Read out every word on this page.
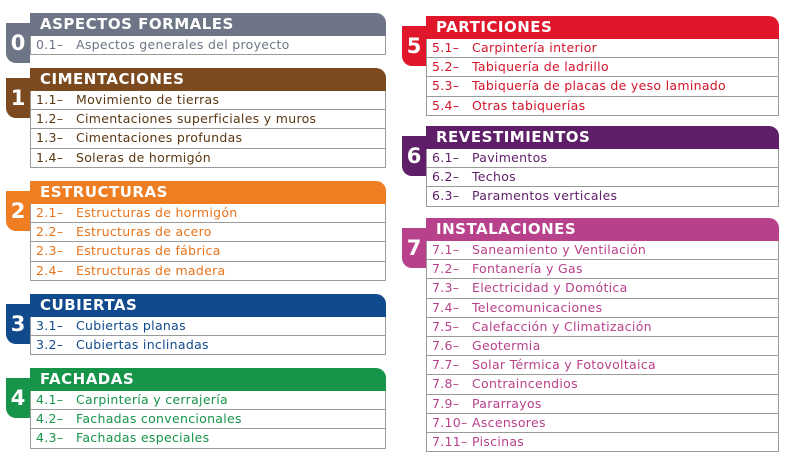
0
ASPECTOS FORMALES
0.1– Aspectos generales del proyecto
1
CIMENTACIONES
1.1– Movimiento de tierras
1.2– Cimentaciones superficiales y muros
1.3– Cimentaciones profundas
1.4– Soleras de hormigón
2
ESTRUCTURAS
2.1– Estructuras de hormigón
2.2– Estructuras de acero
2.3– Estructuras de fábrica
2.4– Estructuras de madera
3
CUBIERTAS
3.1– Cubiertas planas
3.2– Cubiertas inclinadas
4
FACHADAS
4.1– Carpintería y cerrajería
4.2– Fachadas convencionales
4.3– Fachadas especiales
5
PARTICIONES
5.1– Carpintería interior
5.2– Tabiquería de ladrillo
5.3– Tabiquería de placas de yeso laminado
5.4– Otras tabiquerías
6
REVESTIMIENTOS
6.1– Pavimentos
6.2– Techos
6.3– Paramentos verticales
7
INSTALACIONES
7.1– Saneamiento y Ventilación
7.2– Fontanería y Gas
7.3– Electricidad y Domótica
7.4– Telecomunicaciones
7.5– Calefacción y Climatización
7.6– Geotermia
7.7– Solar Térmica y Fotovoltaica
7.8– Contraincendios
7.9– Pararrayos
7.10– Ascensores
7.11– Piscinas
